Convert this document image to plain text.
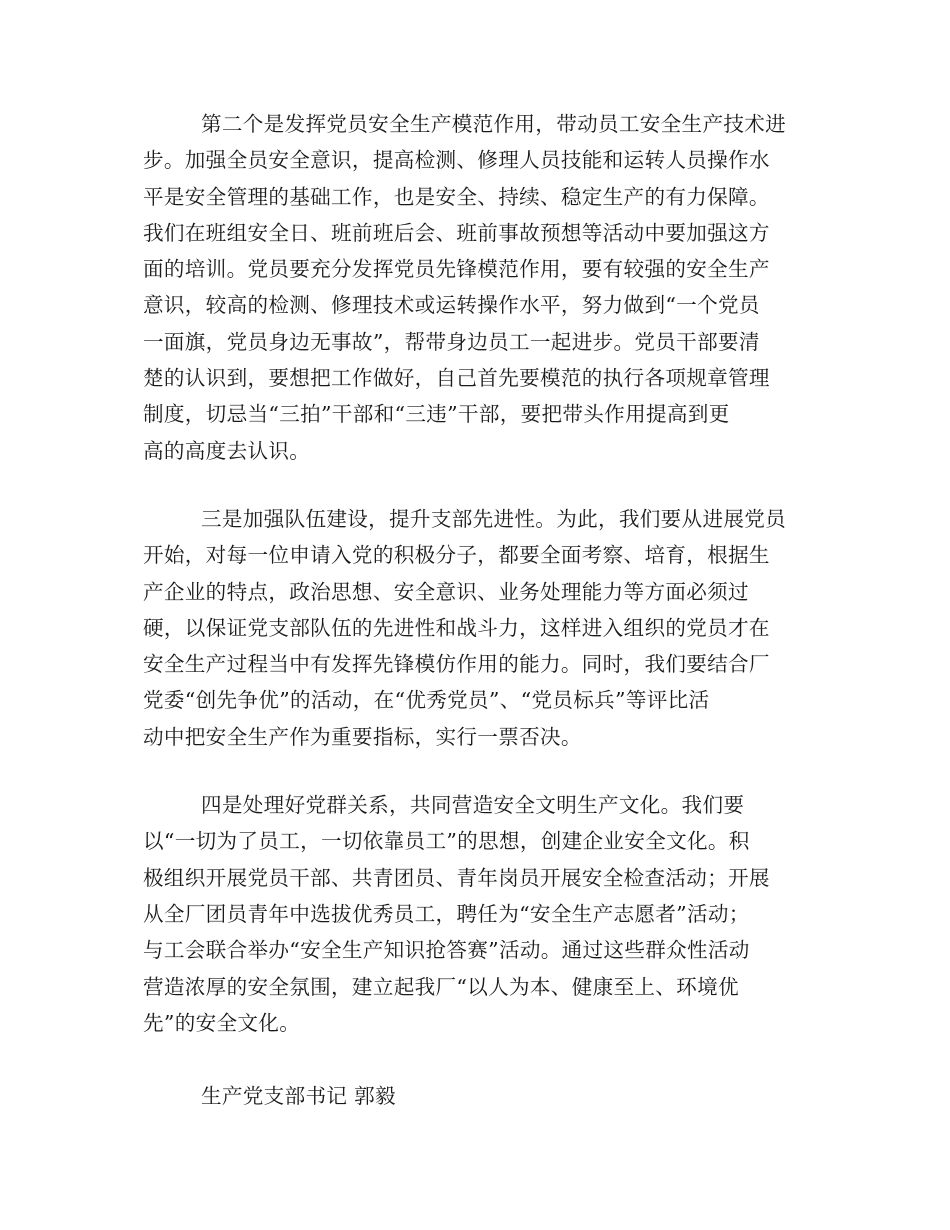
第二个是发挥党员安全生产模范作用，带动员工安全生产技术进
步。加强全员安全意识，提高检测、修理人员技能和运转人员操作水
平是安全管理的基础工作，也是安全、持续、稳定生产的有力保障。
我们在班组安全日、班前班后会、班前事故预想等活动中要加强这方
面的培训。党员要充分发挥党员先锋模范作用，要有较强的安全生产
意识，较高的检测、修理技术或运转操作水平，努力做到“一个党员
一面旗，党员身边无事故”，帮带身边员工一起进步。党员干部要清
楚的认识到，要想把工作做好，自己首先要模范的执行各项规章管理
制度，切忌当“三拍”干部和“三违”干部，要把带头作用提高到更
高的高度去认识。

三是加强队伍建设，提升支部先进性。为此，我们要从进展党员
开始，对每一位申请入党的积极分子，都要全面考察、培育，根据生
产企业的特点，政治思想、安全意识、业务处理能力等方面必须过
硬，以保证党支部队伍的先进性和战斗力，这样进入组织的党员才在
安全生产过程当中有发挥先锋模仿作用的能力。同时，我们要结合厂
党委“创先争优”的活动，在“优秀党员”、“党员标兵”等评比活
动中把安全生产作为重要指标，实行一票否决。

四是处理好党群关系，共同营造安全文明生产文化。我们要
以“一切为了员工，一切依靠员工”的思想，创建企业安全文化。积
极组织开展党员干部、共青团员、青年岗员开展安全检查活动；开展
从全厂团员青年中选拔优秀员工，聘任为“安全生产志愿者”活动；
与工会联合举办“安全生产知识抢答赛”活动。通过这些群众性活动
营造浓厚的安全氛围，建立起我厂“以人为本、健康至上、环境优
先”的安全文化。

生产党支部书记 郭毅
